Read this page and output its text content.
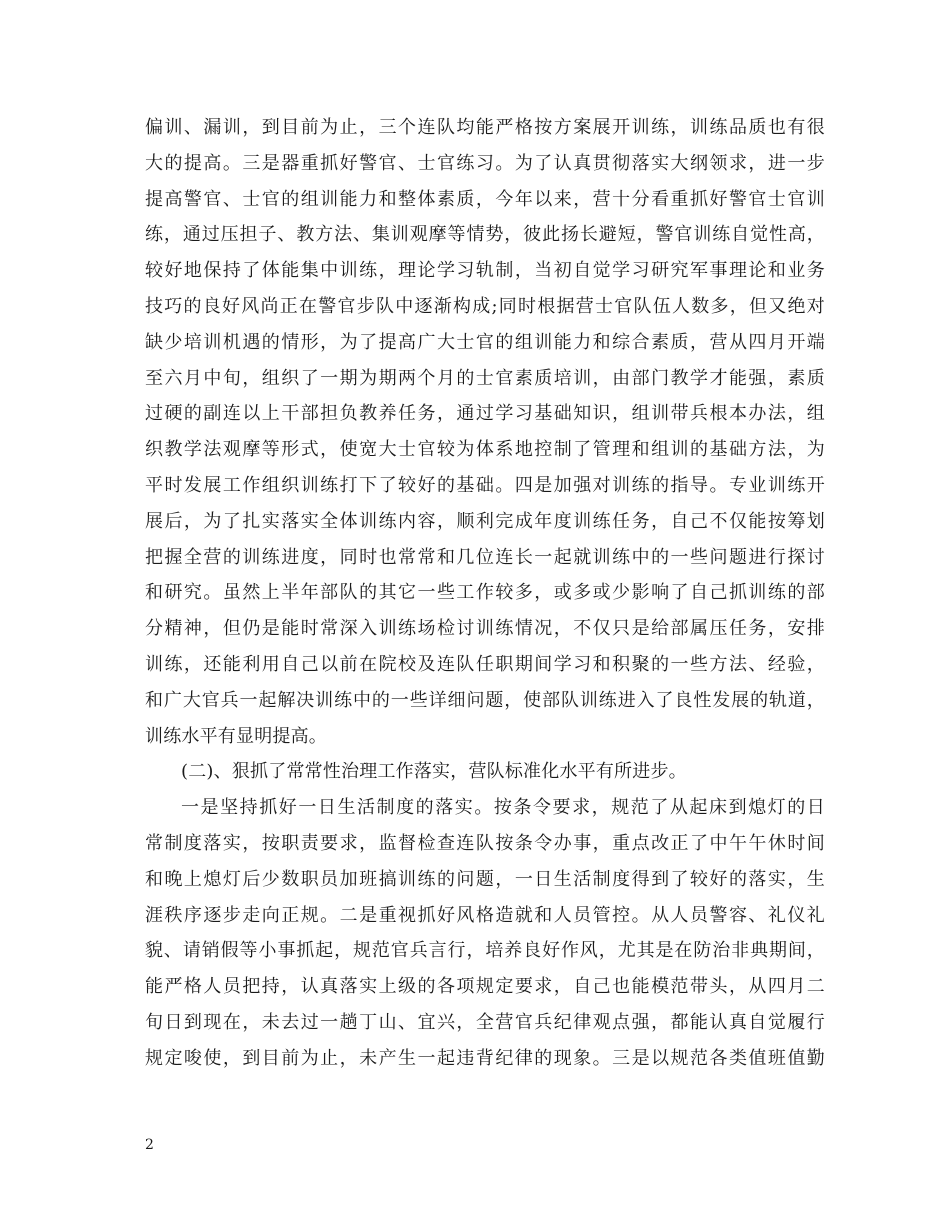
偏训、漏训，到目前为止，三个连队均能严格按方案展开训练，训练品质也有很
大的提高。三是器重抓好警官、士官练习。为了认真贯彻落实大纲领求，进一步
提高警官、士官的组训能力和整体素质，今年以来，营十分看重抓好警官士官训
练，通过压担子、教方法、集训观摩等情势，彼此扬长避短，警官训练自觉性高，
较好地保持了体能集中训练，理论学习轨制，当初自觉学习研究军事理论和业务
技巧的良好风尚正在警官步队中逐渐构成;同时根据营士官队伍人数多，但又绝对
缺少培训机遇的情形，为了提高广大士官的组训能力和综合素质，营从四月开端
至六月中旬，组织了一期为期两个月的士官素质培训，由部门教学才能强，素质
过硬的副连以上干部担负教养任务，通过学习基础知识，组训带兵根本办法，组
织教学法观摩等形式，使宽大士官较为体系地控制了管理和组训的基础方法，为
平时发展工作组织训练打下了较好的基础。四是加强对训练的指导。专业训练开
展后，为了扎实落实全体训练内容，顺利完成年度训练任务，自己不仅能按筹划
把握全营的训练进度，同时也常常和几位连长一起就训练中的一些问题进行探讨
和研究。虽然上半年部队的其它一些工作较多，或多或少影响了自己抓训练的部
分精神，但仍是能时常深入训练场检讨训练情况，不仅只是给部属压任务，安排
训练，还能利用自己以前在院校及连队任职期间学习和积聚的一些方法、经验，
和广大官兵一起解决训练中的一些详细问题，使部队训练进入了良性发展的轨道，
训练水平有显明提高。
(二)、狠抓了常常性治理工作落实，营队标准化水平有所进步。
一是坚持抓好一日生活制度的落实。按条令要求，规范了从起床到熄灯的日
常制度落实，按职责要求，监督检查连队按条令办事，重点改正了中午午休时间
和晚上熄灯后少数职员加班搞训练的问题，一日生活制度得到了较好的落实，生
涯秩序逐步走向正规。二是重视抓好风格造就和人员管控。从人员警容、礼仪礼
貌、请销假等小事抓起，规范官兵言行，培养良好作风，尤其是在防治非典期间，
能严格人员把持，认真落实上级的各项规定要求，自己也能模范带头，从四月二
旬日到现在，未去过一趟丁山、宜兴，全营官兵纪律观点强，都能认真自觉履行
规定唆使，到目前为止，未产生一起违背纪律的现象。三是以规范各类值班值勤
2
